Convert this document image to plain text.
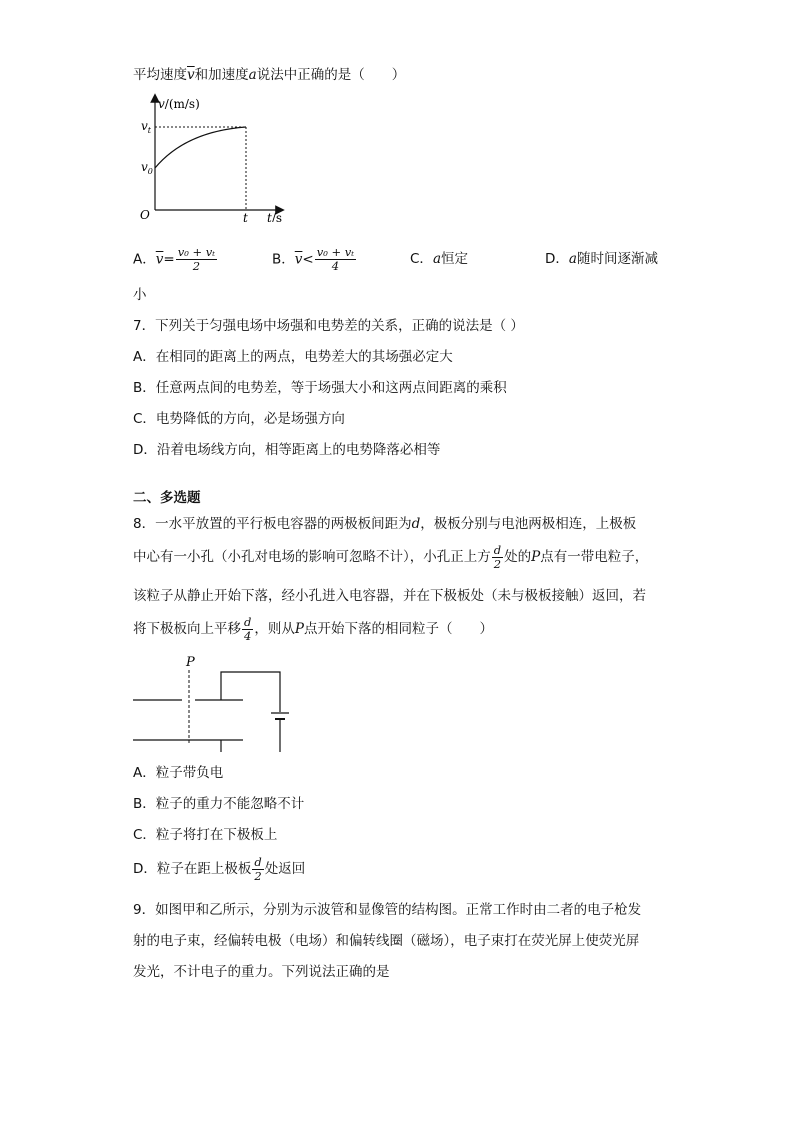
平均速度$\overline{v}$和加速度a说法中正确的是（　　）
v/(m/s)
$v_t$
$v_0$
O	t t/s
A．$\overline{v}= \frac{\text{v₀ + vₜ}}{2}$	B．$\overline{v}< \frac{\text{v₀ + vₜ}}{4}$	C．a恒定	D．a随时间逐渐减
小
7．下列关于匀强电场中场强和电势差的关系，正确的说法是（ ）
A．在相同的距离上的两点，电势差大的其场强必定大
B．任意两点间的电势差，等于场强大小和这两点间距离的乘积
C．电势降低的方向，必是场强方向
D．沿着电场线方向，相等距离上的电势降落必相等
二、多选题
8．一水平放置的平行板电容器的两极板间距为d，极板分别与电池两极相连，上极板
中心有一小孔（小孔对电场的影响可忽略不计），小孔正上方 $\frac{d}{2}$ 处的P点有一带电粒子，
该粒子从静止开始下落，经小孔进入电容器，并在下极板处（未与极板接触）返回，若
将下极板向上平移 $\frac{d}{4}$ ，则从P点开始下落的相同粒子（　　）
P
A．粒子带负电
B．粒子的重力不能忽略不计
C．粒子将打在下极板上
D．粒子在距上极板 $\frac{d}{2}$ 处返回
9．如图甲和乙所示，分别为示波管和显像管的结构图。正常工作时由二者的电子枪发
射的电子束，经偏转电极（电场）和偏转线圈（磁场），电子束打在荧光屏上使荧光屏
发光，不计电子的重力。下列说法正确的是
